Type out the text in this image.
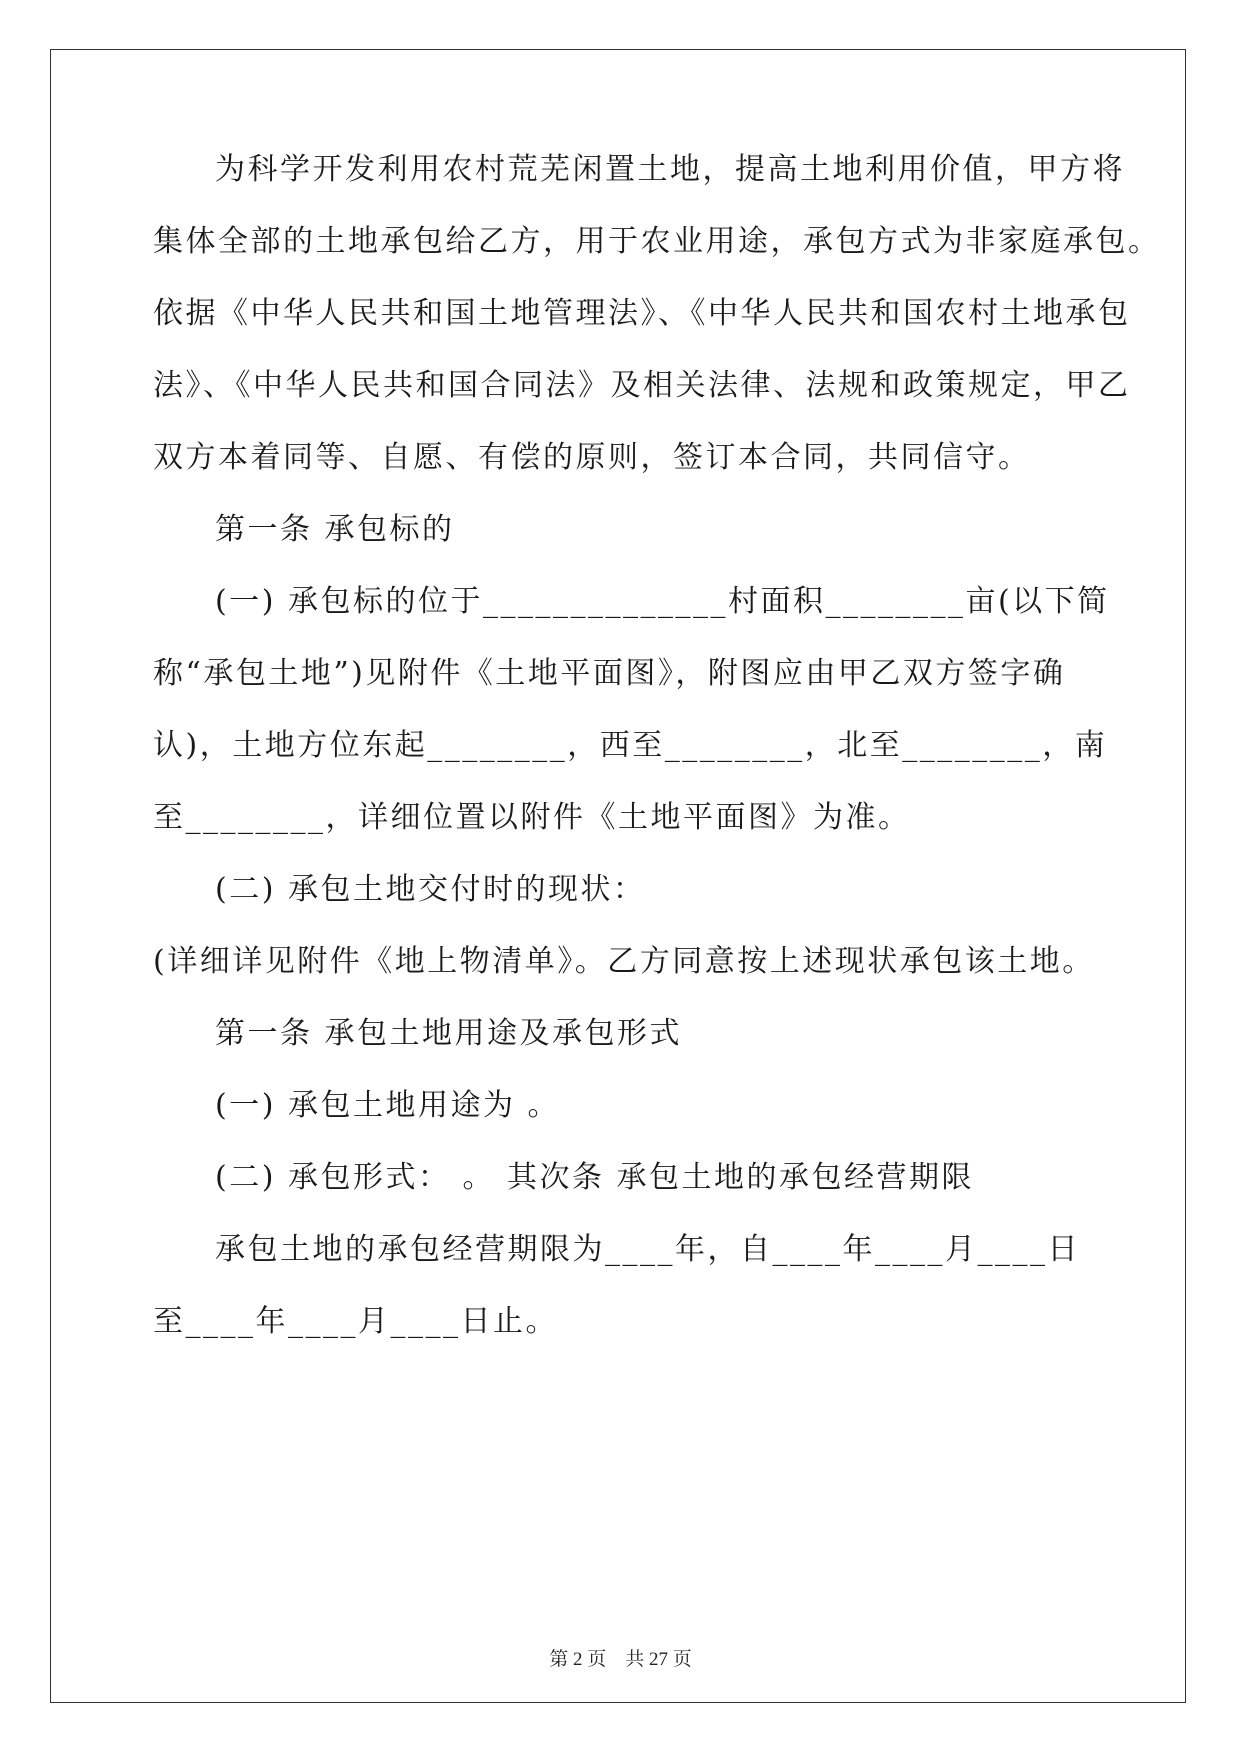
为科学开发利用农村荒芜闲置土地，提高土地利用价值，甲方将
集体全部的土地承包给乙方，用于农业用途，承包方式为非家庭承包。
依据《中华人民共和国土地管理法》、《中华人民共和国农村土地承包
法》、《中华人民共和国合同法》及相关法律、法规和政策规定，甲乙
双方本着同等、自愿、有偿的原则，签订本合同，共同信守。
第一条 承包标的
(一) 承包标的位于______________村面积________亩(以下简
称“承包土地”)见附件《土地平面图》，附图应由甲乙双方签字确
认)，土地方位东起________，西至________，北至________，南
至________，详细位置以附件《土地平面图》为准。
(二) 承包土地交付时的现状：
(详细详见附件《地上物清单》。乙方同意按上述现状承包该土地。
第一条 承包土地用途及承包形式
(一) 承包土地用途为 。
(二) 承包形式： 。 其次条 承包土地的承包经营期限
承包土地的承包经营期限为____年，自____年____月____日
至____年____月____日止。
第 2 页　共 27 页
